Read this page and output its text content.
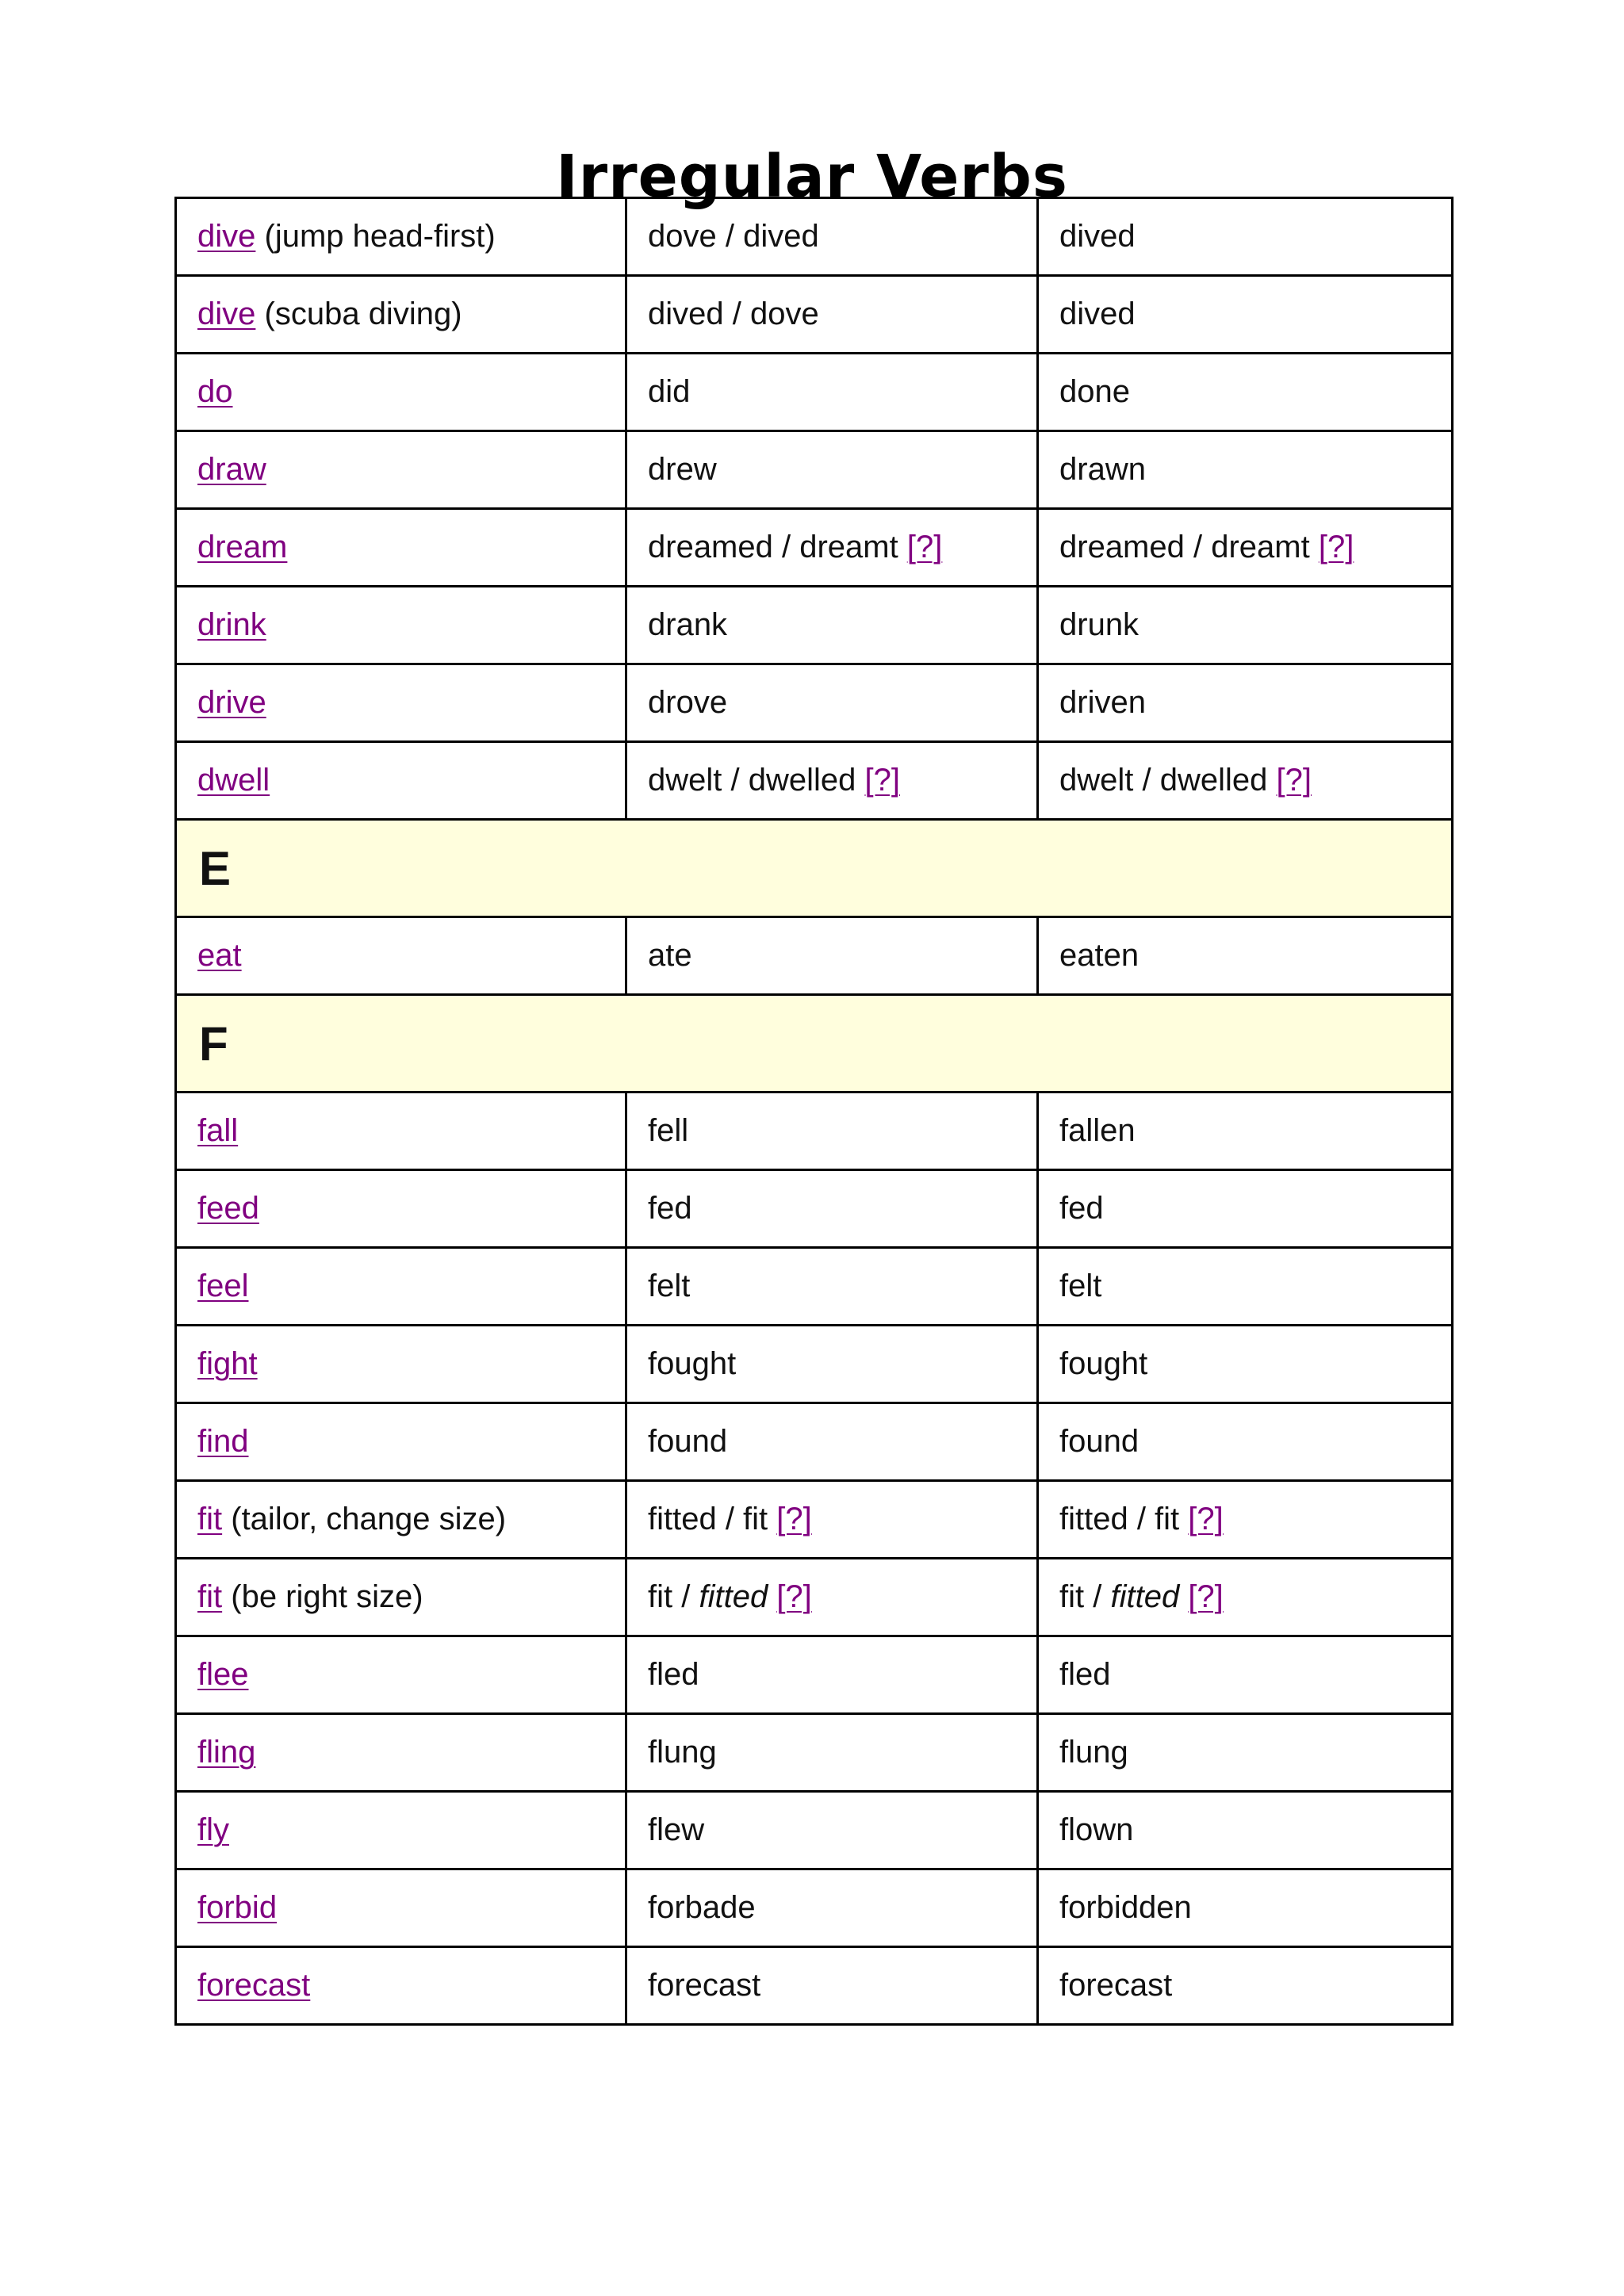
Irregular Verbs
dive (jump head-first)	dove / dived	dived
dive (scuba diving)	dived / dove	dived
do	did	done
draw	drew	drawn
dream	dreamed / dreamt [?]	dreamed / dreamt [?]
drink	drank	drunk
drive	drove	driven
dwell	dwelt / dwelled [?]	dwelt / dwelled [?]
E		
eat	ate	eaten
F		
fall	fell	fallen
feed	fed	fed
feel	felt	felt
fight	fought	fought
find	found	found
fit (tailor, change size)	fitted / fit [?]	fitted / fit [?]
fit (be right size)	fit / fitted [?]	fit / fitted [?]
flee	fled	fled
fling	flung	flung
fly	flew	flown
forbid	forbade	forbidden
forecast	forecast	forecast
